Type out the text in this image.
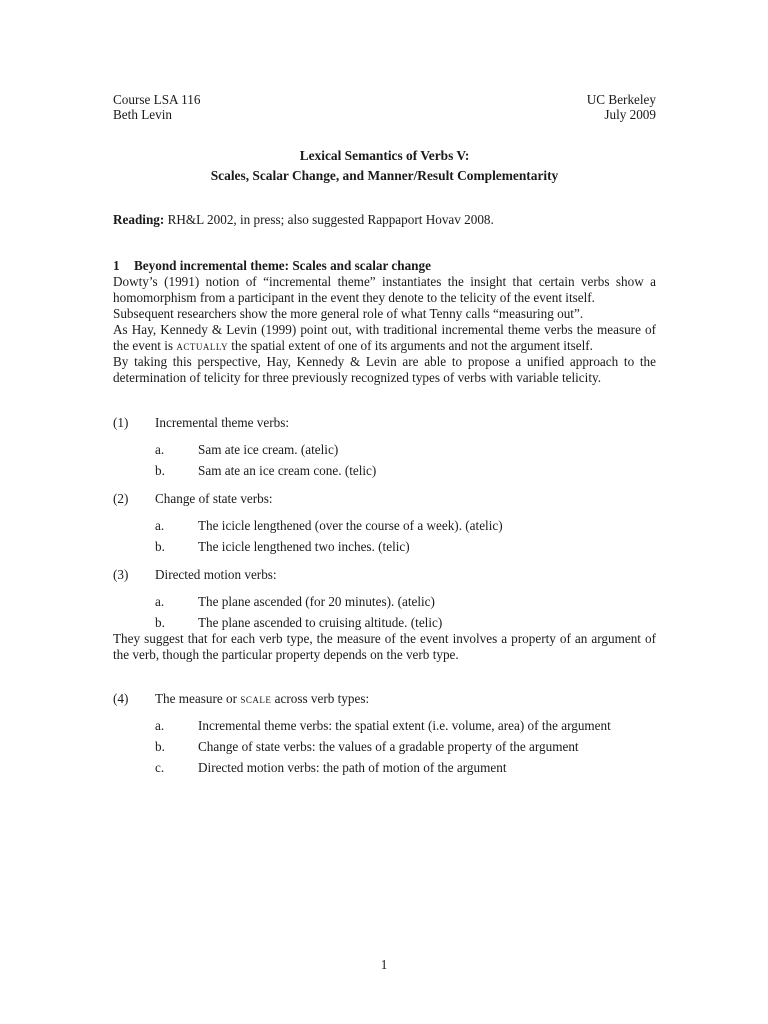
Course LSA 116
Beth Levin
UC Berkeley
July 2009
Lexical Semantics of Verbs V:
Scales, Scalar Change, and Manner/Result Complementarity
Reading: RH&L 2002, in press; also suggested Rappaport Hovav 2008.
1 Beyond incremental theme: Scales and scalar change

Dowty’s (1991) notion of “incremental theme” instantiates the insight that certain verbs show a homomorphism from a participant in the event they denote to the telicity of the event itself.

Subsequent researchers show the more general role of what Tenny calls “measuring out”.

As Hay, Kennedy & Levin (1999) point out, with traditional incremental theme verbs the measure of the event is actually the spatial extent of one of its arguments and not the argument itself.

By taking this perspective, Hay, Kennedy & Levin are able to propose a unified approach to the determination of telicity for three previously recognized types of verbs with variable telicity.

(1)	Incremental theme verbs:
a.	Sam ate ice cream. (atelic)
b.	Sam ate an ice cream cone. (telic)
(2)	Change of state verbs:
a.	The icicle lengthened (over the course of a week). (atelic)
b.	The icicle lengthened two inches. (telic)
(3)	Directed motion verbs:
a.	The plane ascended (for 20 minutes). (atelic)
b.	The plane ascended to cruising altitude. (telic)

They suggest that for each verb type, the measure of the event involves a property of an argument of the verb, though the particular property depends on the verb type.

(4)	The measure or scale across verb types:
a.	Incremental theme verbs: the spatial extent (i.e. volume, area) of the argument
b.	Change of state verbs: the values of a gradable property of the argument
c.	Directed motion verbs: the path of motion of the argument
1
